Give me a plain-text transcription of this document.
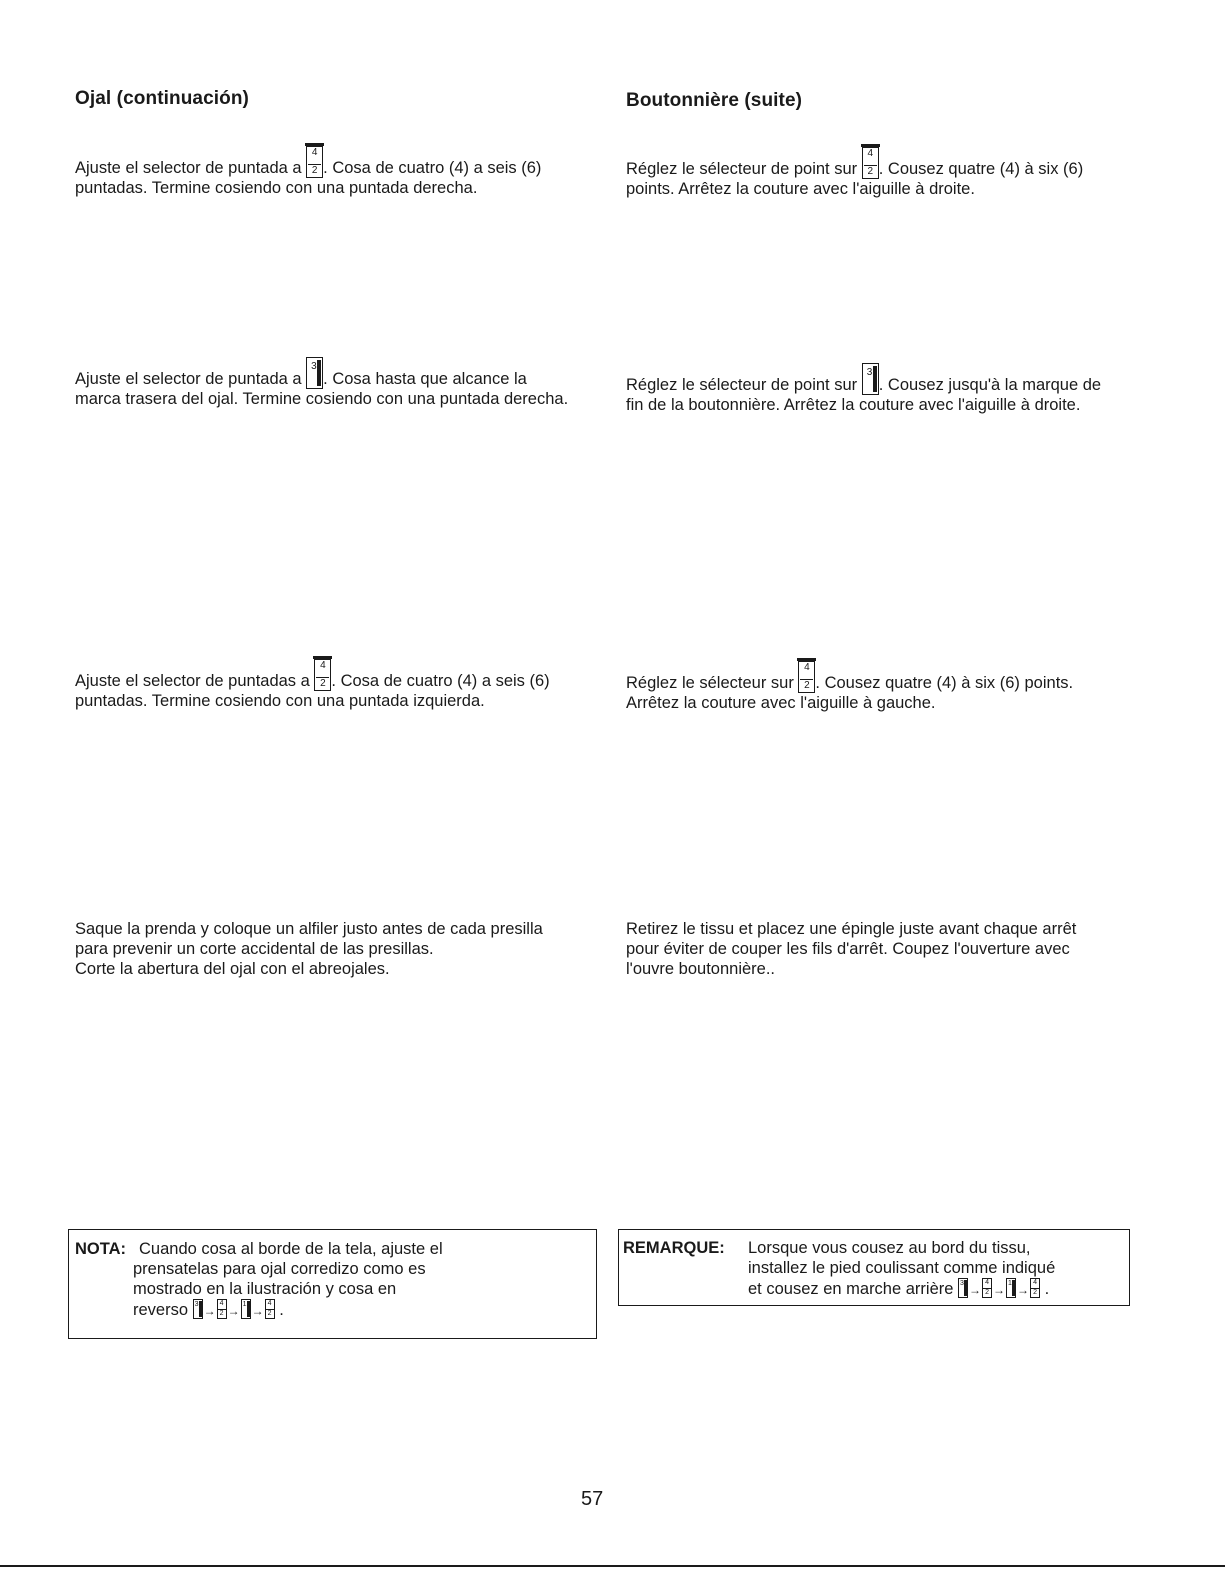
Ojal (continuación)
Ajuste el selector de puntada a $\frac{4}{2}$ . Cosa de cuatro (4) a seis (6)
puntadas. Termine cosiendo con una puntada derecha.
Ajuste el selector de puntada a
3
. Cosa hasta que alcance la
marca trasera del ojal. Termine cosiendo con una puntada derecha.
Ajuste el selector de puntadas a $\frac{4}{2}$ . Cosa de cuatro (4) a seis (6)
puntadas. Termine cosiendo con una puntada izquierda.
Saque la prenda y coloque un alfiler justo antes de cada presilla
para prevenir un corte accidental de las presillas.
Corte la abertura del ojal con el abreojales.
NOTA: Cuando cosa al borde de la tela, ajuste el
prensatelas para ojal corredizo como es
mostrado en la ilustración y cosa en
reverso $3 \to \frac{4}{2} \to 1 \to \frac{4}{2}$ .
Boutonnière (suite)
Réglez le sélecteur de point sur $\frac{4}{2}$ . Cousez quatre (4) à six (6)
points. Arrêtez la couture avec l'aiguille à droite.
Réglez le sélecteur de point sur
3
. Cousez jusqu'à la marque de
fin de la boutonnière. Arrêtez la couture avec l'aiguille à droite.
Réglez le sélecteur sur $\frac{4}{2}$ . Cousez quatre (4) à six (6) points.
Arrêtez la couture avec l'aiguille à gauche.
Retirez le tissu et placez une épingle juste avant chaque arrêt
pour éviter de couper les fils d'arrêt. Coupez l'ouverture avec
l'ouvre boutonnière..
REMARQUE: Lorsque vous cousez au bord du tissu,
installez le pied coulissant comme indiqué
et cousez en marche arrière $3 \to \frac{4}{2} \to 1 \to \frac{4}{2}$ .
57
